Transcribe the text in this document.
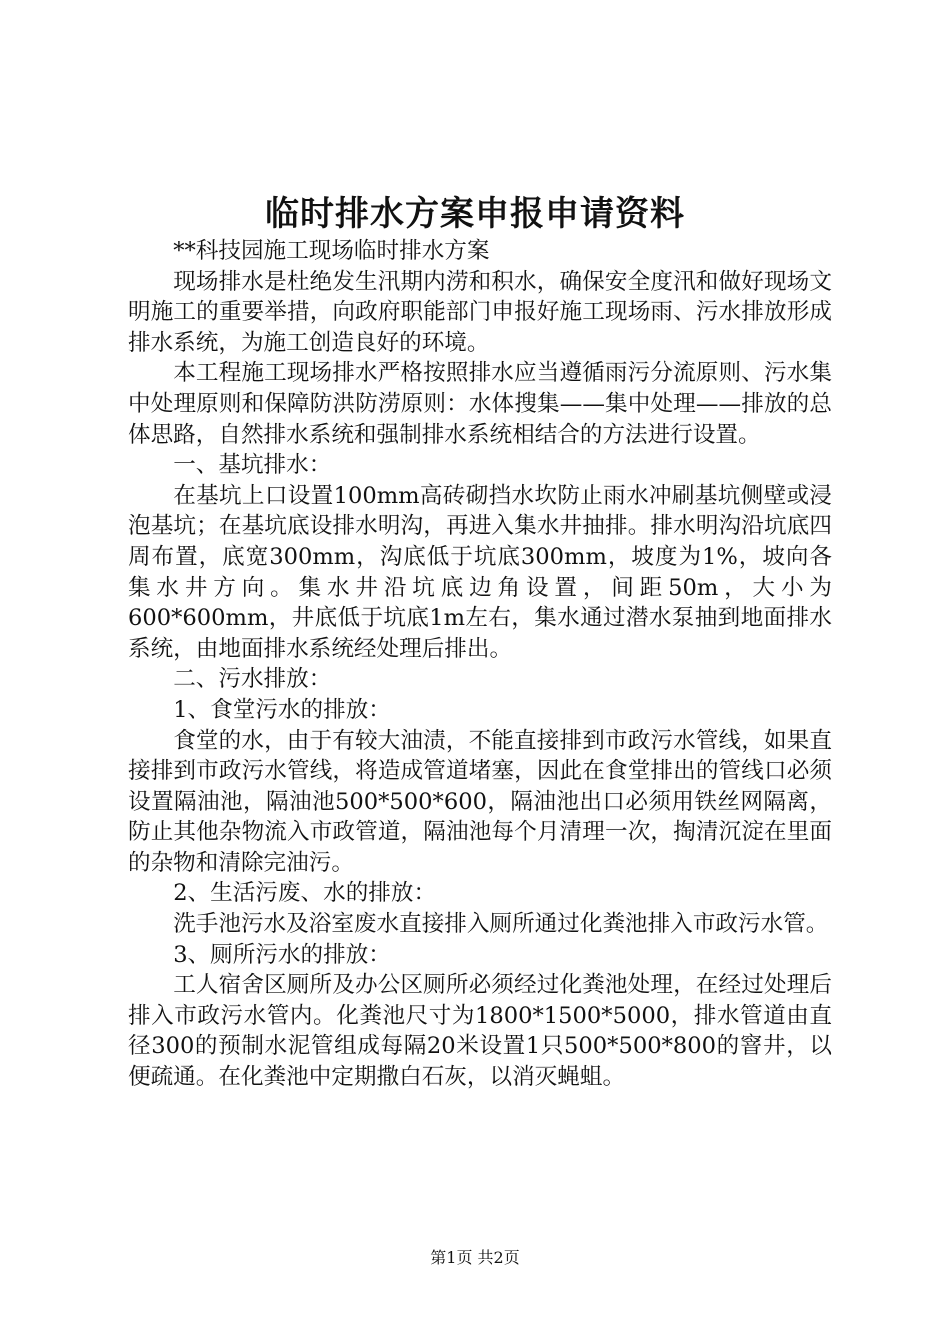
临时排水方案申报申请资料

**科技园施工现场临时排水方案

现场排水是杜绝发生汛期内涝和积水，确保安全度汛和做好现场文明施工的重要举措，向政府职能部门申报好施工现场雨、污水排放形成排水系统，为施工创造良好的环境。

本工程施工现场排水严格按照排水应当遵循雨污分流原则、污水集中处理原则和保障防洪防涝原则：水体搜集——集中处理——排放的总体思路，自然排水系统和强制排水系统相结合的方法进行设置。

一、基坑排水：

在基坑上口设置100mm高砖砌挡水坎防止雨水冲刷基坑侧壁或浸泡基坑；在基坑底设排水明沟，再进入集水井抽排。排水明沟沿坑底四周布置，底宽300mm，沟底低于坑底300mm，坡度为1%，坡向各集水井方向。集水井沿坑底边角设置，间距50m，大小为600*600mm，井底低于坑底1m左右，集水通过潜水泵抽到地面排水系统，由地面排水系统经处理后排出。

二、污水排放：

1、食堂污水的排放：

食堂的水，由于有较大油渍，不能直接排到市政污水管线，如果直接排到市政污水管线，将造成管道堵塞，因此在食堂排出的管线口必须设置隔油池，隔油池500*500*600，隔油池出口必须用铁丝网隔离，防止其他杂物流入市政管道，隔油池每个月清理一次，掏清沉淀在里面的杂物和清除完油污。

2、生活污废、水的排放：

洗手池污水及浴室废水直接排入厕所通过化粪池排入市政污水管。

3、厕所污水的排放：

工人宿舍区厕所及办公区厕所必须经过化粪池处理，在经过处理后排入市政污水管内。化粪池尺寸为1800*1500*5000，排水管道由直径300的预制水泥管组成每隔20米设置1只500*500*800的窨井，以便疏通。在化粪池中定期撒白石灰，以消灭蝇蛆。

第1页 共2页
